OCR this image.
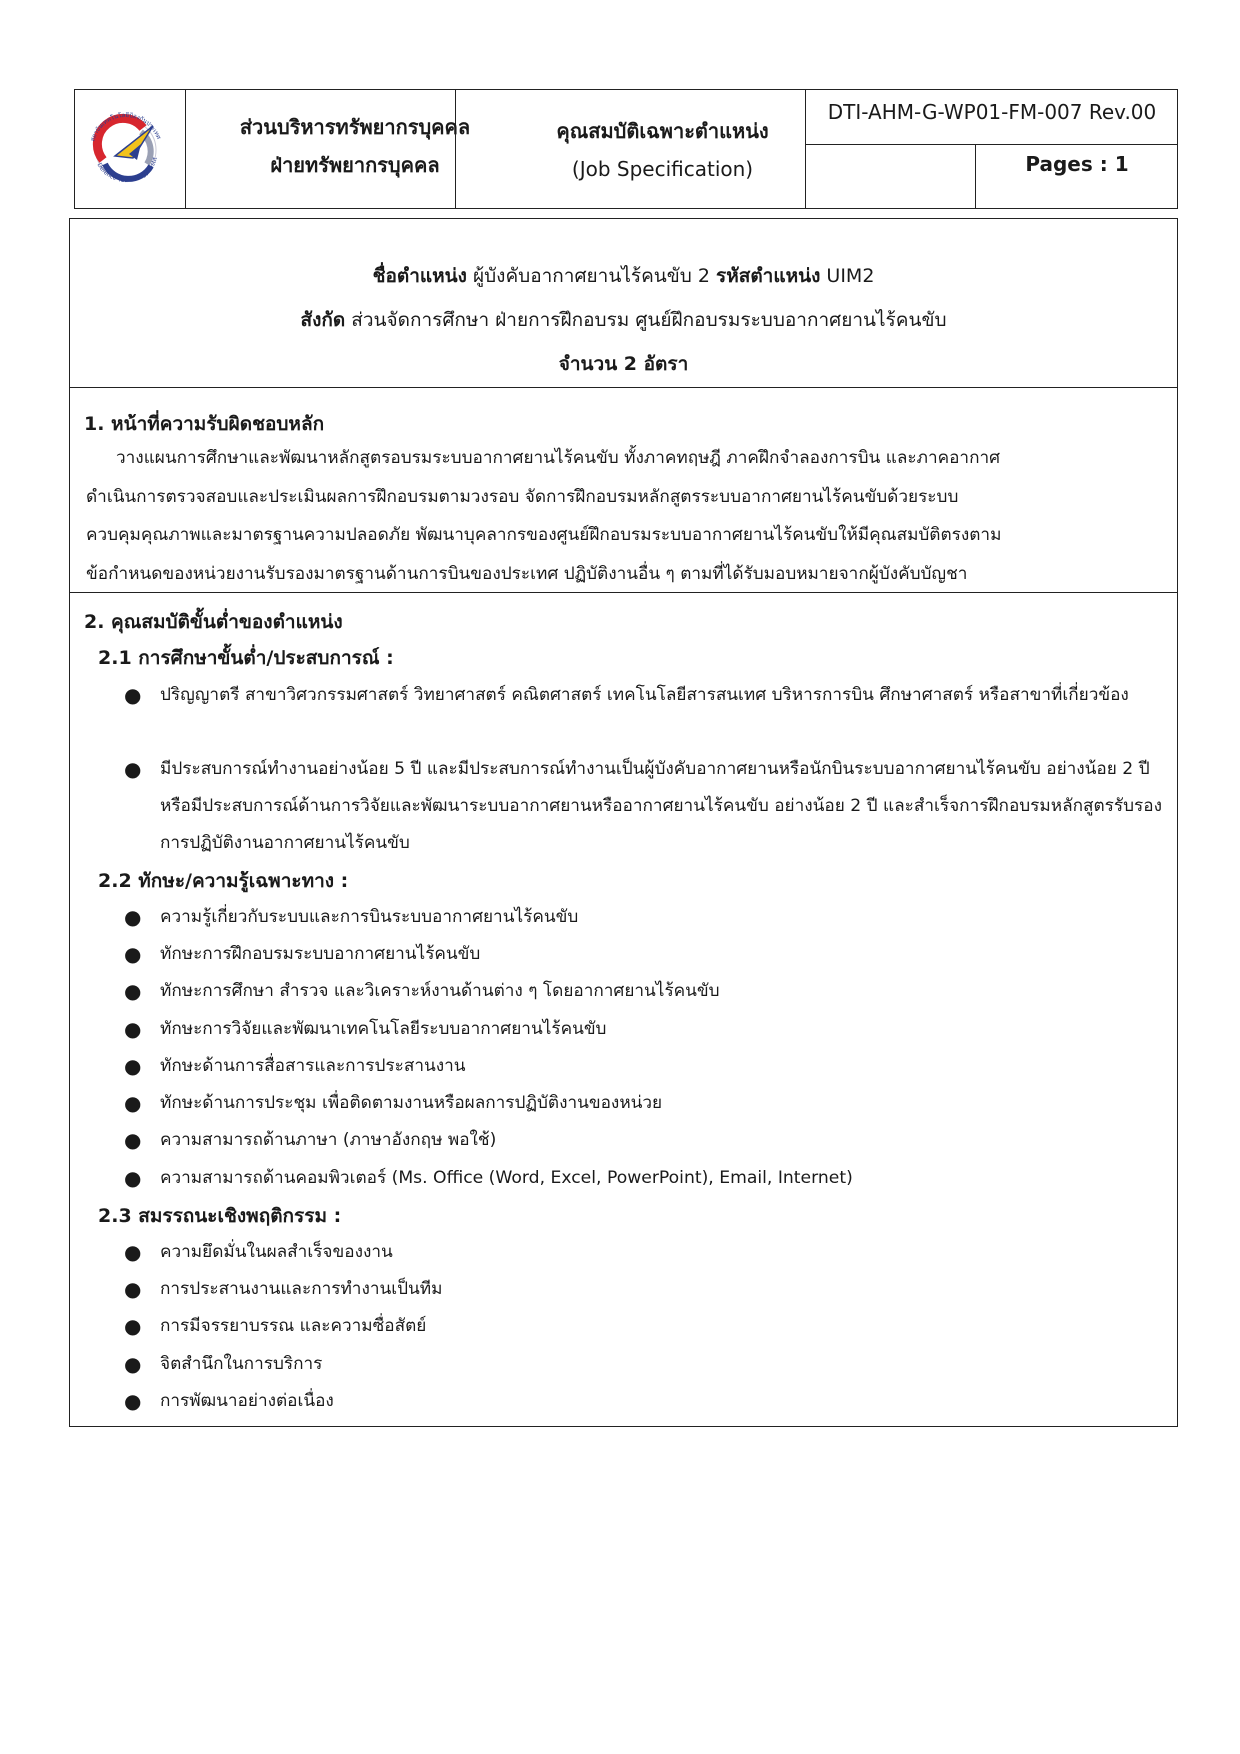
สถาบันเทคโนโลยีป้องกันประเทศ
Defence Technology Instit
ส่วนบริหารทรัพยากรบุคคล
ฝ่ายทรัพยากรบุคคล
คุณสมบัติเฉพาะตำแหน่ง
(Job Specification)
DTI-AHM-G-WP01-FM-007 Rev.00
Pages : 1
ชื่อตำแหน่ง ผู้บังคับอากาศยานไร้คนขับ 2 รหัสตำแหน่ง UIM2
สังกัด ส่วนจัดการศึกษา ฝ่ายการฝึกอบรม ศูนย์ฝึกอบรมระบบอากาศยานไร้คนขับ
จำนวน 2 อัตรา
1. หน้าที่ความรับผิดชอบหลัก
วางแผนการศึกษาและพัฒนาหลักสูตรอบรมระบบอากาศยานไร้คนขับ ทั้งภาคทฤษฎี ภาคฝึกจำลองการบิน และภาคอากาศ
ดำเนินการตรวจสอบและประเมินผลการฝึกอบรมตามวงรอบ จัดการฝึกอบรมหลักสูตรระบบอากาศยานไร้คนขับด้วยระบบ
ควบคุมคุณภาพและมาตรฐานความปลอดภัย พัฒนาบุคลากรของศูนย์ฝึกอบรมระบบอากาศยานไร้คนขับให้มีคุณสมบัติตรงตาม
ข้อกำหนดของหน่วยงานรับรองมาตรฐานด้านการบินของประเทศ ปฏิบัติงานอื่น ๆ ตามที่ได้รับมอบหมายจากผู้บังคับบัญชา
2. คุณสมบัติขั้นต่ำของตำแหน่ง
2.1 การศึกษาขั้นต่ำ/ประสบการณ์ :
● ปริญญาตรี สาขาวิศวกรรมศาสตร์ วิทยาศาสตร์ คณิตศาสตร์ เทคโนโลยีสารสนเทศ บริหารการบิน ศึกษาศาสตร์ หรือสาขาที่เกี่ยวข้อง
● มีประสบการณ์ทำงานอย่างน้อย 5 ปี และมีประสบการณ์ทำงานเป็นผู้บังคับอากาศยานหรือนักบินระบบอากาศยานไร้คนขับ อย่างน้อย 2 ปี หรือมีประสบการณ์ด้านการวิจัยและพัฒนาระบบอากาศยานหรืออากาศยานไร้คนขับ อย่างน้อย 2 ปี และสำเร็จการฝึกอบรมหลักสูตรรับรองการปฏิบัติงานอากาศยานไร้คนขับ
2.2 ทักษะ/ความรู้เฉพาะทาง :
● ความรู้เกี่ยวกับระบบและการบินระบบอากาศยานไร้คนขับ
● ทักษะการฝึกอบรมระบบอากาศยานไร้คนขับ
● ทักษะการศึกษา สำรวจ และวิเคราะห์งานด้านต่าง ๆ โดยอากาศยานไร้คนขับ
● ทักษะการวิจัยและพัฒนาเทคโนโลยีระบบอากาศยานไร้คนขับ
● ทักษะด้านการสื่อสารและการประสานงาน
● ทักษะด้านการประชุม เพื่อติดตามงานหรือผลการปฏิบัติงานของหน่วย
● ความสามารถด้านภาษา (ภาษาอังกฤษ พอใช้)
● ความสามารถด้านคอมพิวเตอร์ (Ms. Office (Word, Excel, PowerPoint), Email, Internet)
2.3 สมรรถนะเชิงพฤติกรรม :
● ความยึดมั่นในผลสำเร็จของงาน
● การประสานงานและการทำงานเป็นทีม
● การมีจรรยาบรรณ และความซื่อสัตย์
● จิตสำนึกในการบริการ
● การพัฒนาอย่างต่อเนื่อง
